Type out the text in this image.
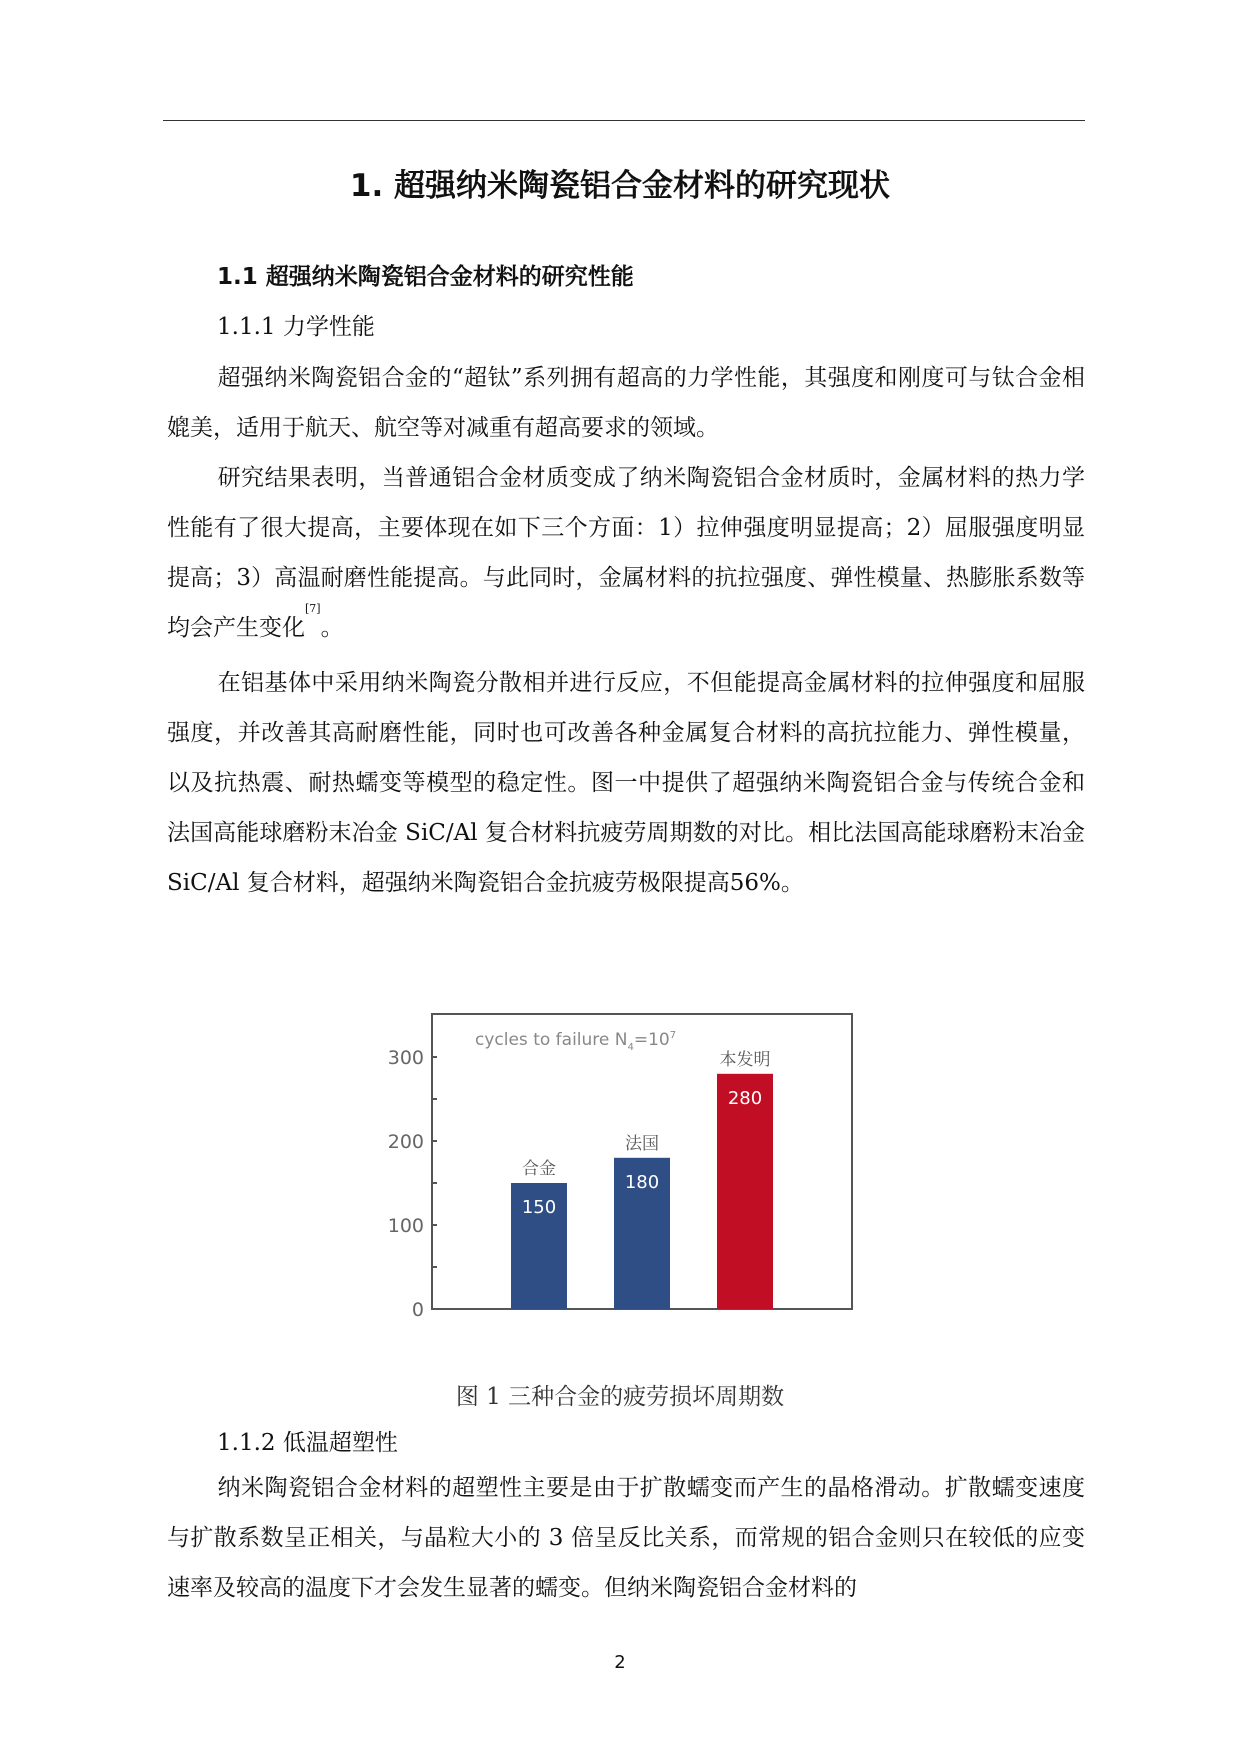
1. 超强纳米陶瓷铝合金材料的研究现状
1.1 超强纳米陶瓷铝合金材料的研究性能
1.1.1 力学性能
超强纳米陶瓷铝合金的“超钛”系列拥有超高的力学性能，其强度和刚度可与钛合金相媲美，适用于航天、航空等对减重有超高要求的领域。
研究结果表明，当普通铝合金材质变成了纳米陶瓷铝合金材质时，金属材料的热力学性能有了很大提高，主要体现在如下三个方面：1）拉伸强度明显提高；2）屈服强度明显提高；3）高温耐磨性能提高。与此同时，金属材料的抗拉强度、弹性模量、热膨胀系数等均会产生变化[7]。
在铝基体中采用纳米陶瓷分散相并进行反应，不但能提高金属材料的拉伸强度和屈服强度，并改善其高耐磨性能，同时也可改善各种金属复合材料的高抗拉能力、弹性模量，以及抗热震、耐热蠕变等模型的稳定性。图一中提供了超强纳米陶瓷铝合金与传统合金和法国高能球磨粉末冶金 SiC/Al 复合材料抗疲劳周期数的对比。相比法国高能球磨粉末冶金 SiC/Al 复合材料，超强纳米陶瓷铝合金抗疲劳极限提高56%。
0
100
200
300
150
合金
180
法国
280
本发明
cycles to failure $N_4=10^7$
图 1 三种合金的疲劳损坏周期数
1.1.2 低温超塑性
纳米陶瓷铝合金材料的超塑性主要是由于扩散蠕变而产生的晶格滑动。扩散蠕变速度与扩散系数呈正相关，与晶粒大小的 3 倍呈反比关系，而常规的铝合金则只在较低的应变速率及较高的温度下才会发生显著的蠕变。但纳米陶瓷铝合金材料的
2
